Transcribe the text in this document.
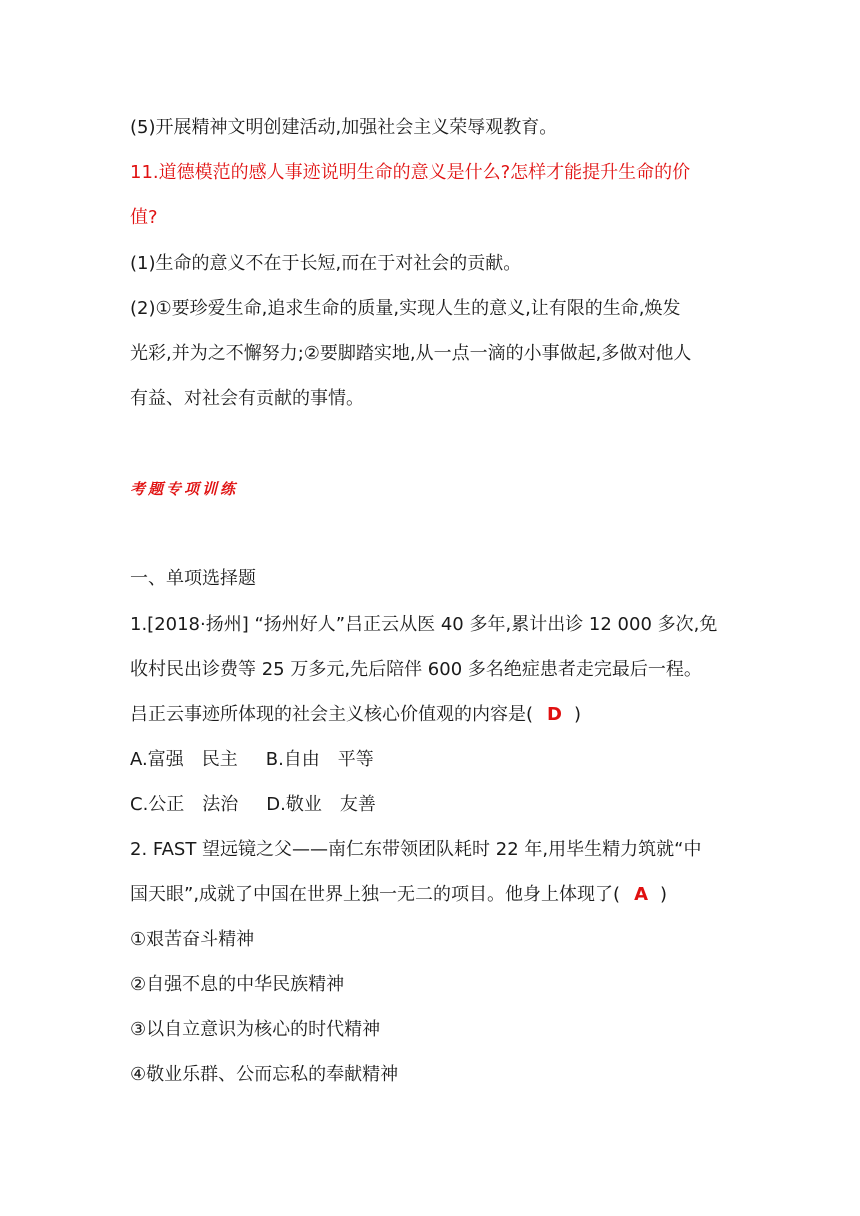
(5)开展精神文明创建活动,加强社会主义荣辱观教育。
11.道德模范的感人事迹说明生命的意义是什么?怎样才能提升生命的价
值?
(1)生命的意义不在于长短,而在于对社会的贡献。
(2)①要珍爱生命,追求生命的质量,实现人生的意义,让有限的生命,焕发
光彩,并为之不懈努力;②要脚踏实地,从一点一滴的小事做起,多做对他人
有益、对社会有贡献的事情。
考题专项训练
一、单项选择题
1.[2018·扬州] “扬州好人”吕正云从医 40 多年,累计出诊 12 000 多次,免
收村民出诊费等 25 万多元,先后陪伴 600 多名绝症患者走完最后一程。
吕正云事迹所体现的社会主义核心价值观的内容是( D )
A.富强 民主 B.自由 平等
C.公正 法治 D.敬业 友善
2. FAST 望远镜之父——南仁东带领团队耗时 22 年,用毕生精力筑就“中
国天眼”,成就了中国在世界上独一无二的项目。他身上体现了( A )
①艰苦奋斗精神
②自强不息的中华民族精神
③以自立意识为核心的时代精神
④敬业乐群、公而忘私的奉献精神
